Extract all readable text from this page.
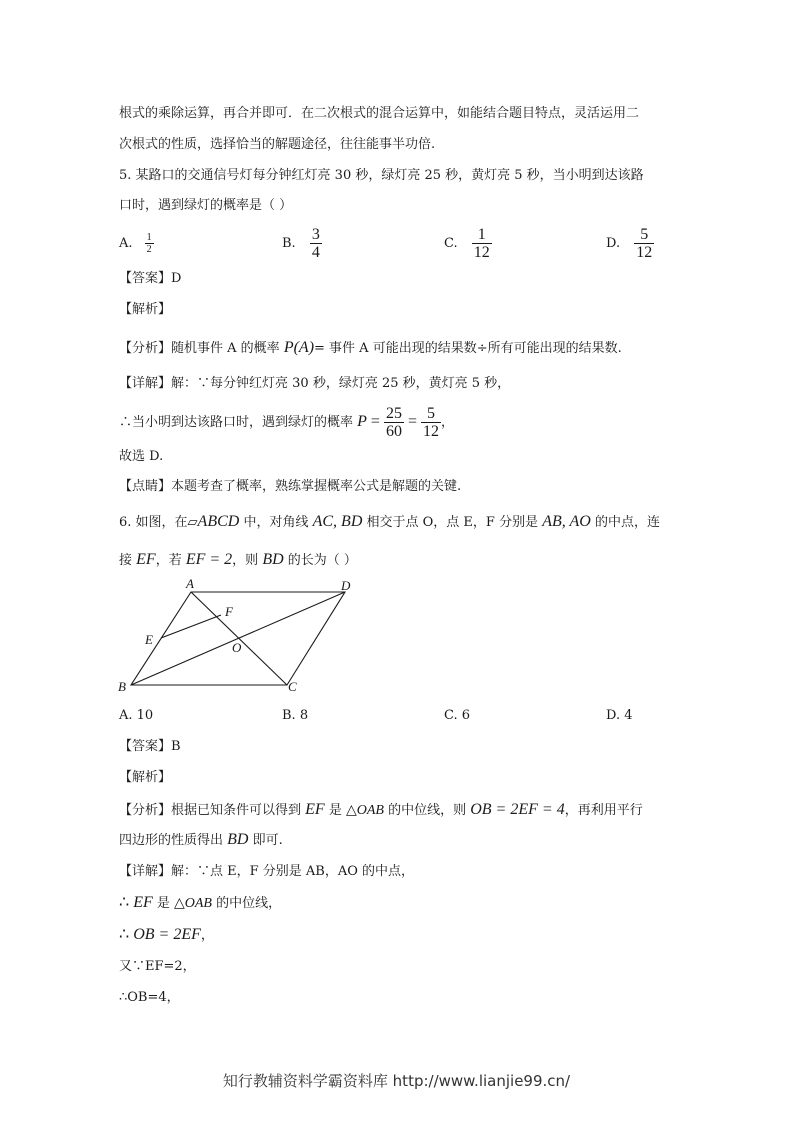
根式的乘除运算，再合并即可．在二次根式的混合运算中，如能结合题目特点，灵活运用二
次根式的性质，选择恰当的解题途径，往往能事半功倍.
5. 某路口的交通信号灯每分钟红灯亮 30 秒，绿灯亮 25 秒，黄灯亮 5 秒，当小明到达该路
口时，遇到绿灯的概率是（ ）
A. $\frac{1}{2}$	B. $\frac{3}{4}$	C. $\frac{1}{12}$	D. $\frac{5}{12}$
【答案】D
【解析】
【分析】随机事件 A 的概率 P(A)= 事件 A 可能出现的结果数÷所有可能出现的结果数.
【详解】解：∵每分钟红灯亮 30 秒，绿灯亮 25 秒，黄灯亮 5 秒，
∴当小明到达该路口时，遇到绿灯的概率 $P = \frac{25}{60} = \frac{5}{12}$ ，
故选 D.
【点睛】本题考查了概率，熟练掌握概率公式是解题的关键.
6. 如图，在▱ABCD 中，对角线 AC, BD 相交于点 O，点 E，F 分别是 AB, AO 的中点，连
接 EF，若 EF = 2，则 BD 的长为（ ）
A	D
F
E
O
B	C
A. 10	B. 8	C. 6	D. 4
【答案】B
【解析】
【分析】根据已知条件可以得到 EF 是 △OAB 的中位线，则 OB = 2EF = 4，再利用平行
四边形的性质得出 BD 即可.
【详解】解：∵点 E，F 分别是 AB，AO 的中点，
∴ EF 是 △OAB 的中位线，
∴ OB = 2EF，
又∵EF=2，
∴OB=4，
知行教辅资料学霸资料库 http://www.lianjie99.cn/
